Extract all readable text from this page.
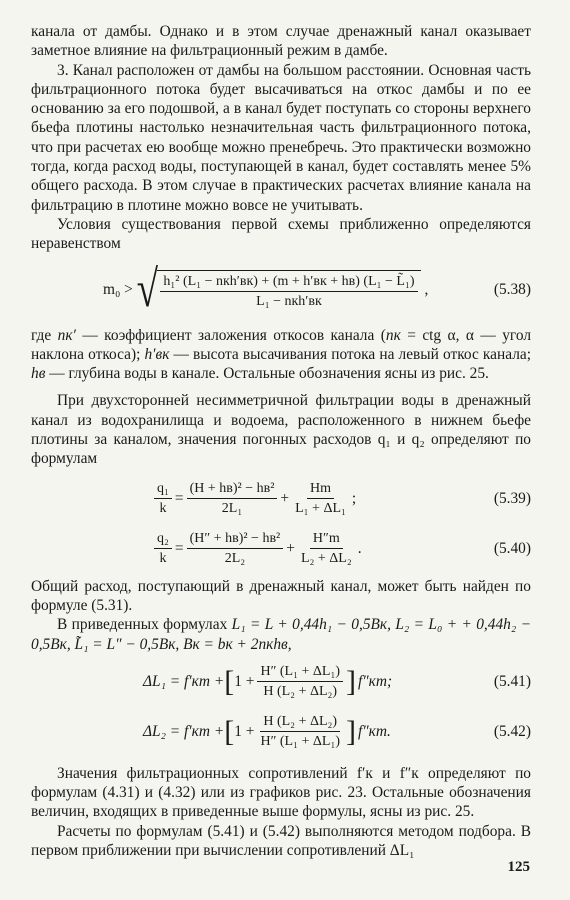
канала от дамбы. Однако и в этом случае дренажный канал оказывает заметное влияние на фильтрационный режим в дамбе.

3. Канал расположен от дамбы на большом расстоянии. Основная часть фильтрационного потока будет высачиваться на откос дамбы и по ее основанию за его подошвой, а в канал будет поступать со стороны верхнего бьефа плотины настолько незначительная часть фильтрационного потока, что при расчетах ею вообще можно пренебречь. Это практически возможно тогда, когда расход воды, поступающей в канал, будет составлять менее 5% общего расхода. В этом случае в практических расчетах влияние канала на фильтрацию в плотине можно вовсе не учитывать.

Условия существования первой схемы приближенно определяются неравенством

m₀ > √ $\frac{\text{h₁² (L₁ − nкh′вк) + (m + h′вк + hв) (L₁ − L̃₁)}}{\text{L₁ − nкh′вк}}$ ,	(5.38)

где nк′ — коэффициент заложения откосов канала (nк = ctg α, α — угол наклона откоса); h′вк — высота высачивания потока на левый откос канала; hв — глубина воды в канале. Остальные обозначения ясны из рис. 25.

При двухсторонней несимметричной фильтрации воды в дренажный канал из водохранилища и водоема, расположенного в нижнем бьефе плотины за каналом, значения погонных расходов q₁ и q₂ определяют по формулам

$\frac{\text{q₁}}{k} = \frac{\text{(H + hв)² − hв²}}{\text{2L₁}} + \frac{Hm}{\text{L₁ + ΔL₁}}$ ;	(5.39)
$\frac{\text{q₂}}{k} = \frac{\text{(H″ + hв)² − hв²}}{\text{2L₂}} + \frac{H''m}{\text{L₂ + ΔL₂}}$ .	(5.40)

Общий расход, поступающий в дренажный канал, может быть найден по формуле (5.31).

В приведенных формулах L₁ = L + 0,44h₁ − 0,5Bк, L₂ = L₀ + + 0,44h₂ − 0,5Bк, L̃₁ = L″ − 0,5Bк, Bк = bк + 2nкhв,

ΔL₁ = f′кm + [ $1 + \frac{\text{H″ (L₁ + ΔL₁)}}{\text{H (L₂ + ΔL₂)}}$ ] f″кm;	(5.41)
ΔL₂ = f′кm + [ $1 + \frac{\text{H (L₂ + ΔL₂)}}{\text{H″ (L₁ + ΔL₁)}}$ ] f″кm.	(5.42)

Значения фильтрационных сопротивлений f′к и f″к определяют по формулам (4.31) и (4.32) или из графиков рис. 23. Остальные обозначения величин, входящих в приведенные выше формулы, ясны из рис. 25.

Расчеты по формулам (5.41) и (5.42) выполняются методом подбора. В первом приближении при вычислении сопротивлений ΔL₁

125
